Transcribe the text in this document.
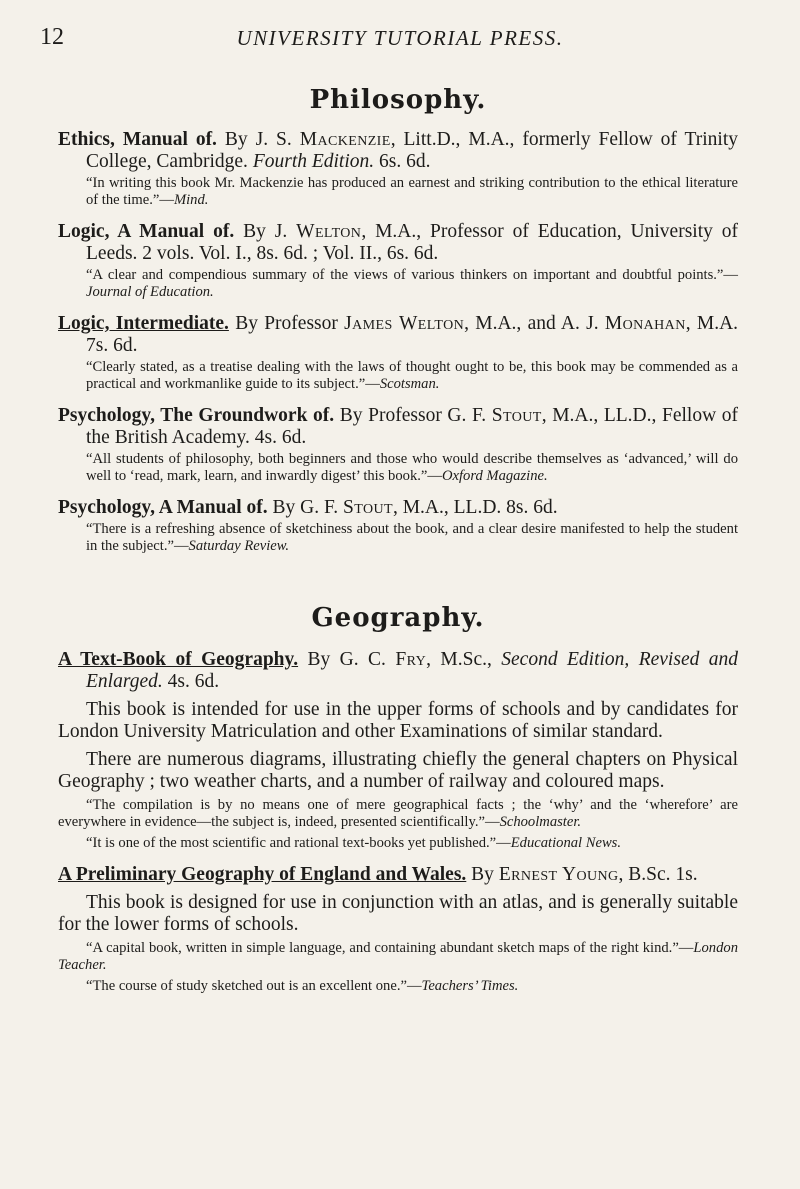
12	UNIVERSITY TUTORIAL PRESS.
Philosophy.

Ethics, Manual of. By J. S. Mackenzie, Litt.D., M.A., formerly Fellow of Trinity College, Cambridge. Fourth Edition. 6s. 6d.

“In writing this book Mr. Mackenzie has produced an earnest and striking contribution to the ethical literature of the time.”—Mind.

Logic, A Manual of. By J. Welton, M.A., Professor of Education, University of Leeds. 2 vols. Vol. I., 8s. 6d. ; Vol. II., 6s. 6d.

“A clear and compendious summary of the views of various thinkers on important and doubtful points.”—Journal of Education.

Logic, Intermediate. By Professor James Welton, M.A., and A. J. Monahan, M.A. 7s. 6d.

“Clearly stated, as a treatise dealing with the laws of thought ought to be, this book may be commended as a practical and workmanlike guide to its subject.”—Scotsman.

Psychology, The Groundwork of. By Professor G. F. Stout, M.A., LL.D., Fellow of the British Academy. 4s. 6d.

“All students of philosophy, both beginners and those who would describe themselves as ‘advanced,’ will do well to ‘read, mark, learn, and inwardly digest’ this book.”—Oxford Magazine.

Psychology, A Manual of. By G. F. Stout, M.A., LL.D. 8s. 6d.

“There is a refreshing absence of sketchiness about the book, and a clear desire manifested to help the student in the subject.”—Saturday Review.

Geography.

A Text-Book of Geography. By G. C. Fry, M.Sc., Second Edition, Revised and Enlarged. 4s. 6d.

This book is intended for use in the upper forms of schools and by candidates for London University Matriculation and other Examinations of similar standard.

There are numerous diagrams, illustrating chiefly the general chapters on Physical Geography ; two weather charts, and a number of railway and coloured maps.

“The compilation is by no means one of mere geographical facts ; the ‘why’ and the ‘wherefore’ are everywhere in evidence—the subject is, indeed, presented scientifically.”—Schoolmaster.

“It is one of the most scientific and rational text-books yet published.”—Educational News.

A Preliminary Geography of England and Wales. By Ernest Young, B.Sc. 1s.

This book is designed for use in conjunction with an atlas, and is generally suitable for the lower forms of schools.

“A capital book, written in simple language, and containing abundant sketch maps of the right kind.”—London Teacher.

“The course of study sketched out is an excellent one.”—Teachers’ Times.
